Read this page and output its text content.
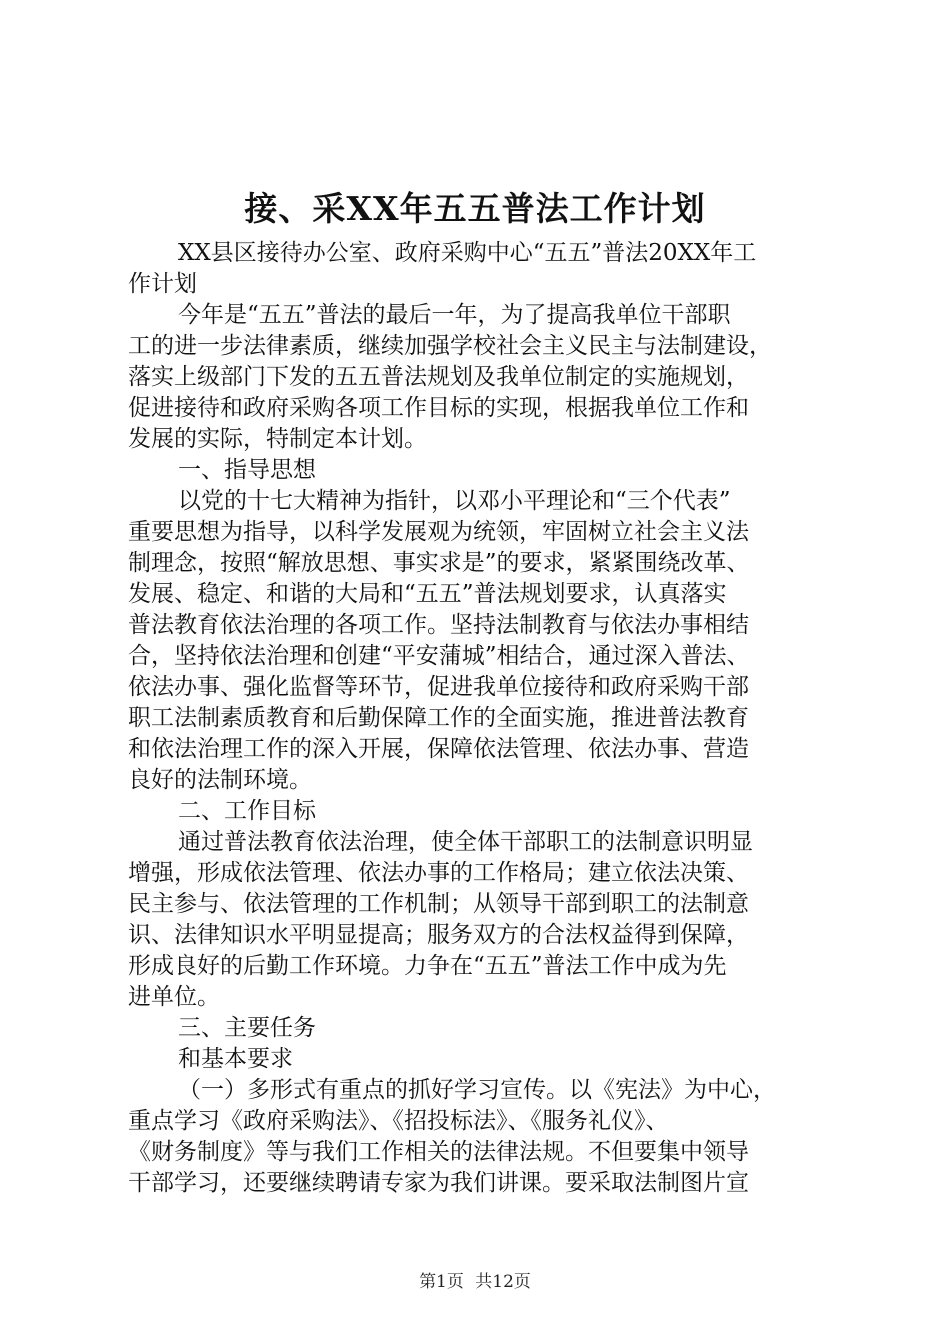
接、采XX年五五普法工作计划
XX县区接待办公室、政府采购中心“五五”普法20XX年工
作计划
今年是“五五”普法的最后一年，为了提高我单位干部职
工的进一步法律素质，继续加强学校社会主义民主与法制建设，
落实上级部门下发的五五普法规划及我单位制定的实施规划，
促进接待和政府采购各项工作目标的实现，根据我单位工作和
发展的实际，特制定本计划。
一、指导思想
以党的十七大精神为指针，以邓小平理论和“三个代表”
重要思想为指导，以科学发展观为统领，牢固树立社会主义法
制理念，按照“解放思想、事实求是”的要求，紧紧围绕改革、
发展、稳定、和谐的大局和“五五”普法规划要求，认真落实
普法教育依法治理的各项工作。坚持法制教育与依法办事相结
合，坚持依法治理和创建“平安蒲城”相结合，通过深入普法、
依法办事、强化监督等环节，促进我单位接待和政府采购干部
职工法制素质教育和后勤保障工作的全面实施，推进普法教育
和依法治理工作的深入开展，保障依法管理、依法办事、营造
良好的法制环境。
二、工作目标
通过普法教育依法治理，使全体干部职工的法制意识明显
增强，形成依法管理、依法办事的工作格局；建立依法决策、
民主参与、依法管理的工作机制；从领导干部到职工的法制意
识、法律知识水平明显提高；服务双方的合法权益得到保障，
形成良好的后勤工作环境。力争在“五五”普法工作中成为先
进单位。
三、主要任务
和基本要求
（一）多形式有重点的抓好学习宣传。以《宪法》为中心，
重点学习《政府采购法》、《招投标法》、《服务礼仪》、
《财务制度》等与我们工作相关的法律法规。不但要集中领导
干部学习，还要继续聘请专家为我们讲课。要采取法制图片宣
第1页 共12页
